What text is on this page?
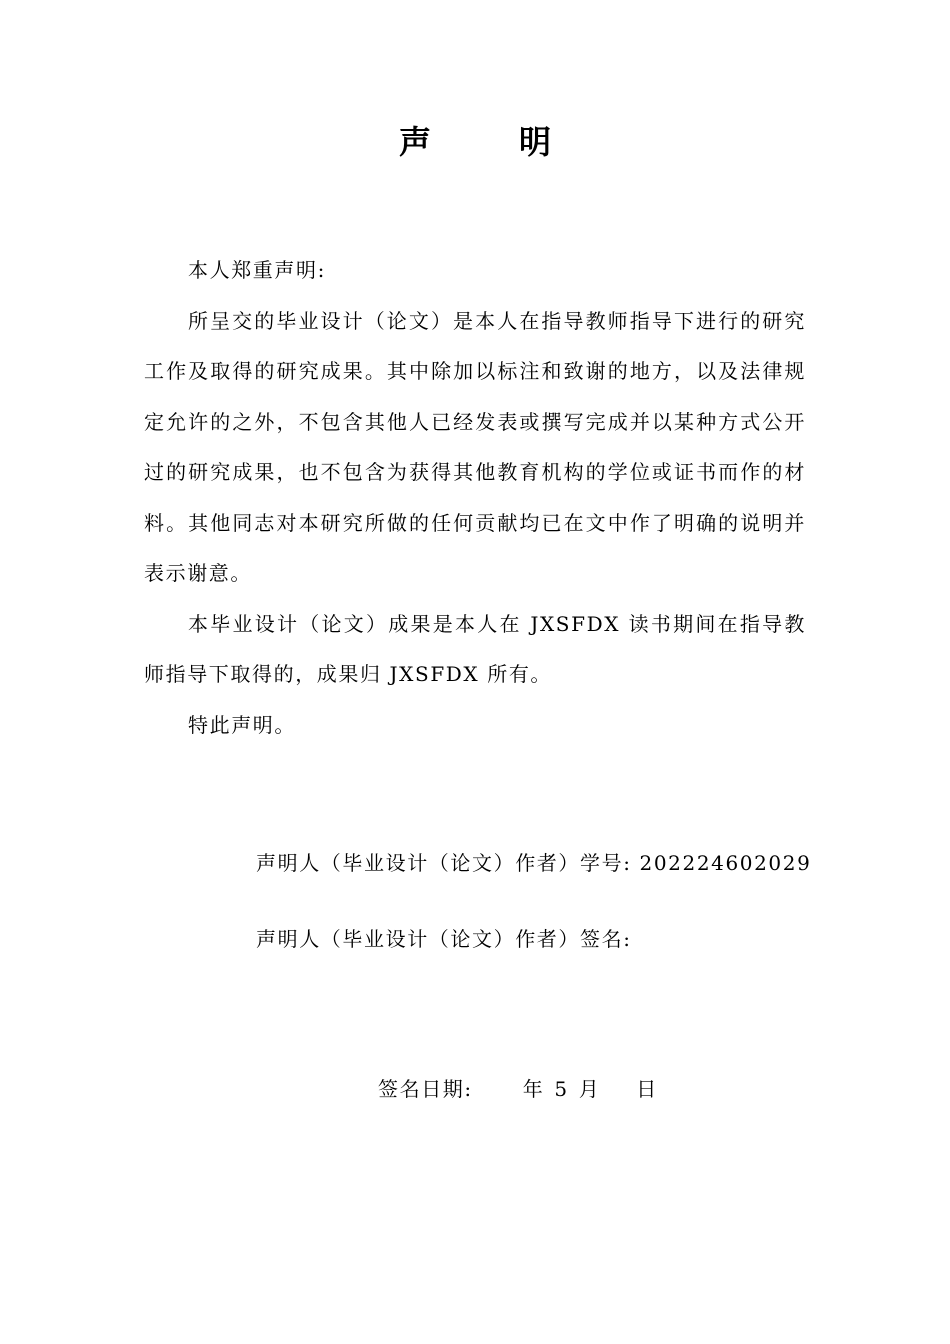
声	明

本人郑重声明:

所呈交的毕业设计（论文）是本人在指导教师指导下进行的研究工作及取得的研究成果。其中除加以标注和致谢的地方，以及法律规定允许的之外，不包含其他人已经发表或撰写完成并以某种方式公开过的研究成果，也不包含为获得其他教育机构的学位或证书而作的材料。其他同志对本研究所做的任何贡献均已在文中作了明确的说明并表示谢意。

本毕业设计（论文）成果是本人在 JXSFDX 读书期间在指导教师指导下取得的，成果归 JXSFDX 所有。

特此声明。

声明人（毕业设计（论文）作者）学号: 202224602029
声明人（毕业设计（论文）作者）签名:
签名日期:	年 5 月 日
